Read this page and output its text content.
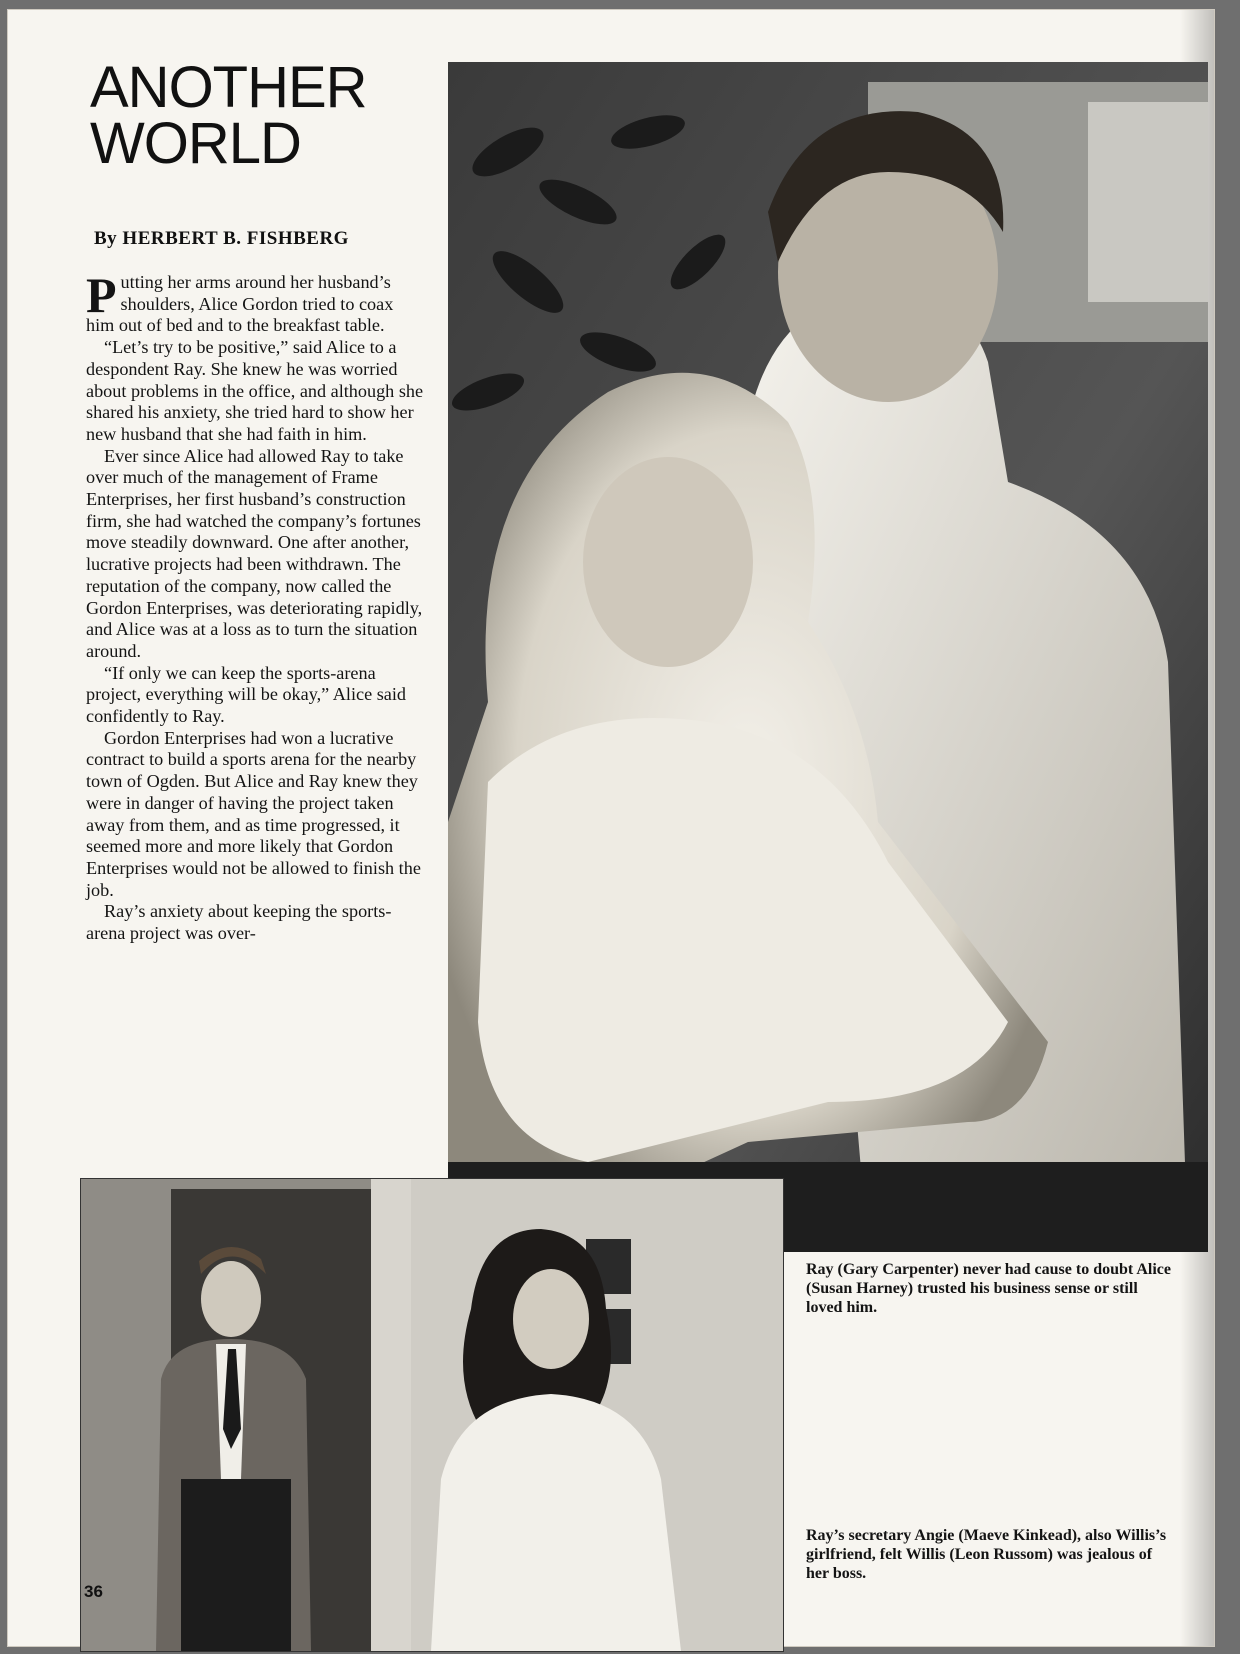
ANOTHER
WORLD
By HERBERT B. FISHBERG

Putting her arms around her husband’s shoulders, Alice Gordon tried to coax him out of bed and to the breakfast table.

“Let’s try to be positive,” said Alice to a despondent Ray. She knew he was worried about problems in the office, and although she shared his anxiety, she tried hard to show her new husband that she had faith in him.

Ever since Alice had allowed Ray to take over much of the management of Frame Enterprises, her first husband’s construction firm, she had watched the company’s fortunes move steadily downward. One after another, lucrative projects had been withdrawn. The reputation of the company, now called the Gordon Enterprises, was deteriorating rapidly, and Alice was at a loss as to turn the situation around.

“If only we can keep the sports-arena project, everything will be okay,” Alice said confidently to Ray.

Gordon Enterprises had won a lucrative contract to build a sports arena for the nearby town of Ogden. But Alice and Ray knew they were in danger of having the project taken away from them, and as time progressed, it seemed more and more likely that Gordon Enterprises would not be allowed to finish the job.

Ray’s anxiety about keeping the sports-arena project was over-

Ray (Gary Carpenter) never had cause to doubt Alice (Susan Harney) trusted his business sense or still loved him.
Ray’s secretary Angie (Maeve Kinkead), also Willis’s girlfriend, felt Willis (Leon Russom) was jealous of her boss.
36
